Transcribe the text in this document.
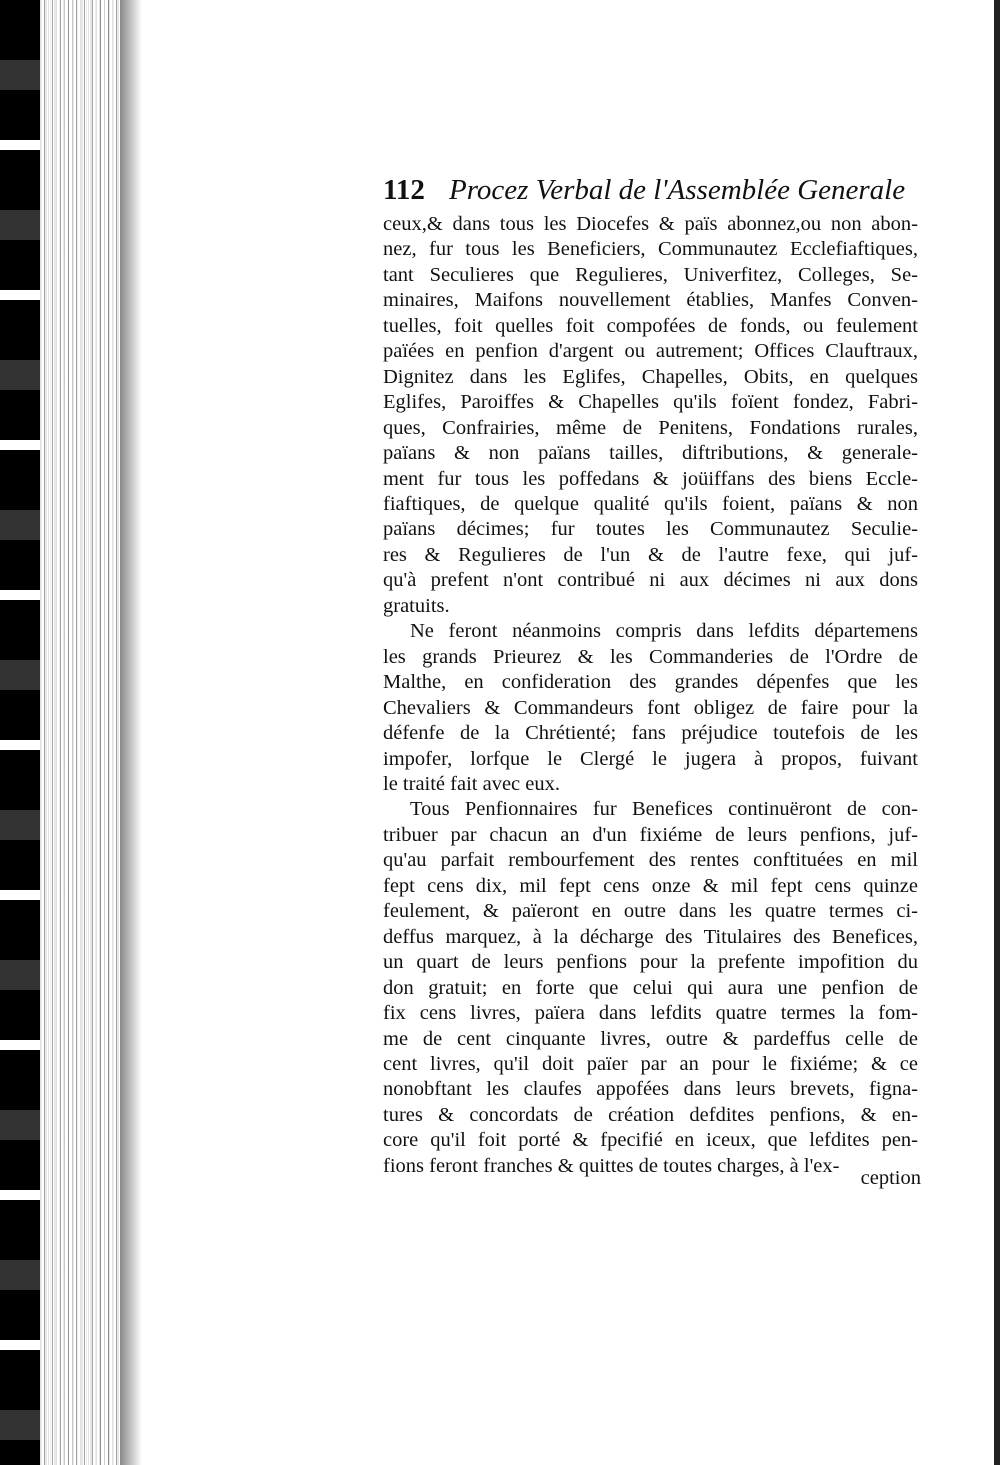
112 Procez Verbal de l'Assemblée Generale
ceux,& dans tous les Diocefes & païs abonnez,ou non abon-
nez, fur tous les Beneficiers, Communautez Ecclefiaftiques,
tant Seculieres que Regulieres, Univerfitez, Colleges, Se-
minaires, Maifons nouvellement établies, Manfes Conven-
tuelles, foit quelles foit compofées de fonds, ou feulement
païées en penfion d'argent ou autrement; Offices Clauftraux,
Dignitez dans les Eglifes, Chapelles, Obits, en quelques
Eglifes, Paroiffes & Chapelles qu'ils foïent fondez, Fabri-
ques, Confrairies, même de Penitens, Fondations rurales,
païans & non païans tailles, diftributions, & generale-
ment fur tous les poffedans & joüiffans des biens Eccle-
fiaftiques, de quelque qualité qu'ils foient, païans & non
païans décimes; fur toutes les Communautez Seculie-
res & Regulieres de l'un & de l'autre fexe, qui juf-
qu'à prefent n'ont contribué ni aux décimes ni aux dons
gratuits.
Ne feront néanmoins compris dans lefdits départemens
les grands Prieurez & les Commanderies de l'Ordre de
Malthe, en confideration des grandes dépenfes que les
Chevaliers & Commandeurs font obligez de faire pour la
défenfe de la Chrétienté; fans préjudice toutefois de les
impofer, lorfque le Clergé le jugera à propos, fuivant
le traité fait avec eux.
Tous Penfionnaires fur Benefices continuëront de con-
tribuer par chacun an d'un fixiéme de leurs penfions, juf-
qu'au parfait rembourfement des rentes conftituées en mil
fept cens dix, mil fept cens onze & mil fept cens quinze
feulement, & païeront en outre dans les quatre termes ci-
deffus marquez, à la décharge des Titulaires des Benefices,
un quart de leurs penfions pour la prefente impofition du
don gratuit; en forte que celui qui aura une penfion de
fix cens livres, païera dans lefdits quatre termes la fom-
me de cent cinquante livres, outre & pardeffus celle de
cent livres, qu'il doit païer par an pour le fixiéme; & ce
nonobftant les claufes appofées dans leurs brevets, figna-
tures & concordats de création defdites penfions, & en-
core qu'il foit porté & fpecifié en iceux, que lefdites pen-
fions feront franches & quittes de toutes charges, à l'ex-
ception
